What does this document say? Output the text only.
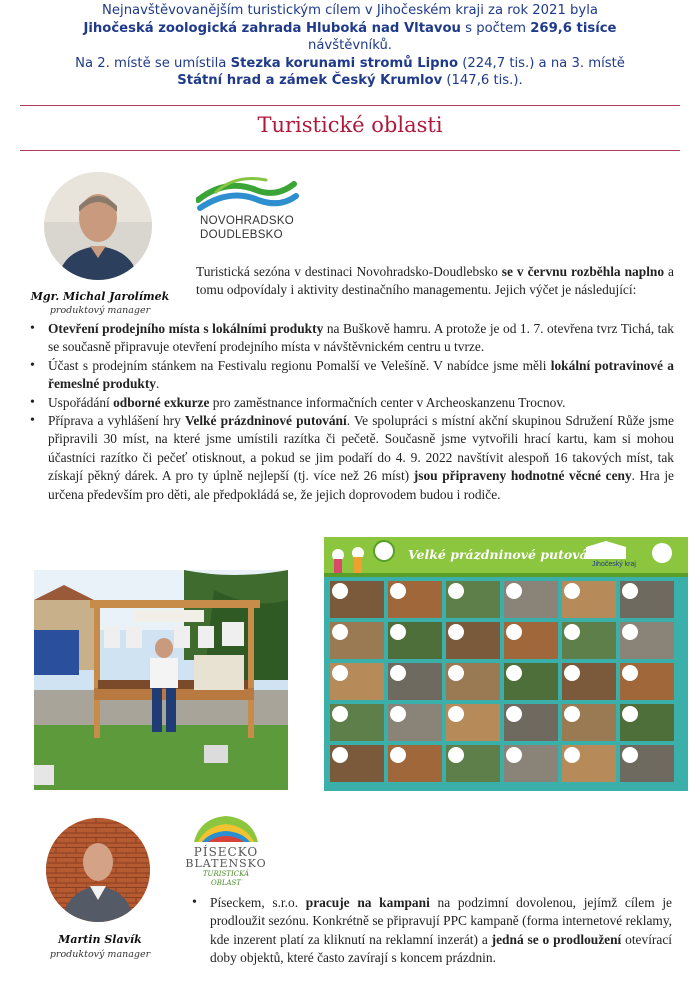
Nejnavštěvovanějším turistickým cílem v Jihočeském kraji za rok 2021 byla
Jihočeská zoologická zahrada Hluboká nad Vltavou s počtem 269,6 tisíce
návštěvníků.
Na 2. místě se umístila Stezka korunami stromů Lipno (224,7 tis.) a na 3. místě
Státní hrad a zámek Český Krumlov (147,6 tis.).
Turistické oblasti
Mgr. Michal Jarolímek
produktový manager
NOVOHRADSKO
DOUDLEBSKO
Turistická sezóna v destinaci Novohradsko-Doudlebsko se v červnu rozběhla naplno a tomu odpovídaly i aktivity destinačního managementu. Jejich výčet je následující:
• Otevření prodejního místa s lokálními produkty na Buškově hamru. A protože je od 1. 7. otevřena tvrz Tichá, tak se současně připravuje otevření prodejního místa v návštěvnickém centru u tvrze.
• Účast s prodejním stánkem na Festivalu regionu Pomalší ve Velešíně. V nabídce jsme měli lokální potravinové a řemeslné produkty.
• Uspořádání odborné exkurze pro zaměstnance informačních center v Archeoskanzenu Trocnov.
• Příprava a vyhlášení hry Velké prázdninové putování. Ve spolupráci s místní akční skupinou Sdružení Růže jsme připravili 30 míst, na které jsme umístili razítka či pečetě. Současně jsme vytvořili hrací kartu, kam si mohou účastníci razítko či pečeť otisknout, a pokud se jim podaří do 4. 9. 2022 navštívit alespoň 16 takových míst, tak získají pěkný dárek. A pro ty úplně nejlepší (tj. více než 26 míst) jsou připraveny hodnotné věcné ceny. Hra je určena především pro děti, ale předpokládá se, že jejich doprovodem budou i rodiče.
Velké prázdninové putování
Jihočeský kraj
Martin Slavík
produktový manager
PÍSECKO
BLATENSKO
TURISTICKÁ
OBLAST
• Píseckem, s.r.o. pracuje na kampani na podzimní dovolenou, jejímž cílem je prodloužit sezónu. Konkrétně se připravují PPC kampaně (forma internetové reklamy, kde inzerent platí za kliknutí na reklamní inzerát) a jedná se o prodloužení otevírací doby objektů, které často zavírají s koncem prázdnin.
